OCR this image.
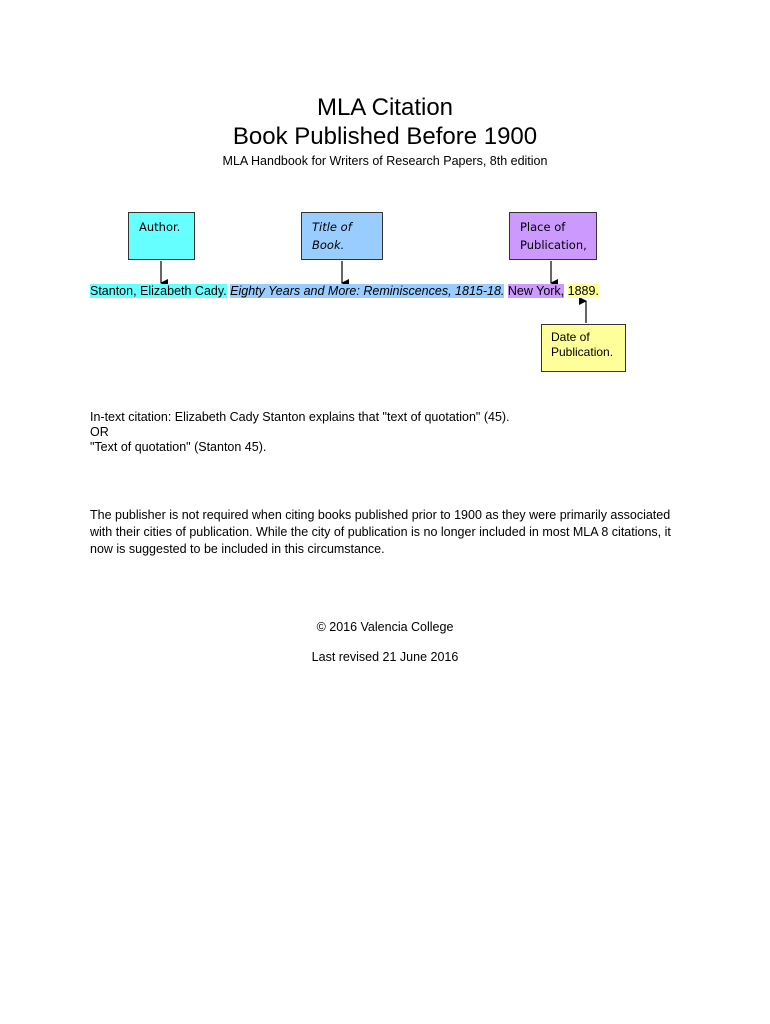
MLA Citation
Book Published Before 1900
MLA Handbook for Writers of Research Papers, 8th edition
Author.	Title of Book.
Place of
Publication,
Date of
Publication.
Stanton, Elizabeth Cady. Eighty Years and More: Reminiscences, 1815-18. New York, 1889.
In-text citation: Elizabeth Cady Stanton explains that "text of quotation" (45).
OR
"Text of quotation" (Stanton 45).
The publisher is not required when citing books published prior to 1900 as they were primarily associated
with their cities of publication. While the city of publication is no longer included in most MLA 8 citations, it
now is suggested to be included in this circumstance.
© 2016 Valencia College
Last revised 21 June 2016
